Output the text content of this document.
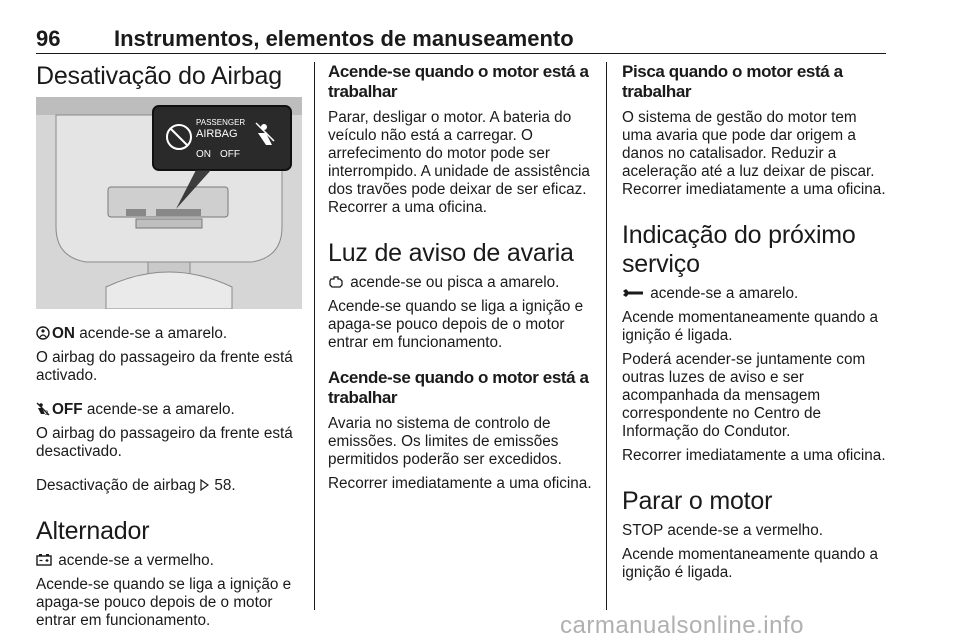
96 Instrumentos, elementos de manuseamento
Desativação do Airbag
PASSENGER
AIRBAG
ON OFF

ON acende-se a amarelo.

O airbag do passageiro da frente está activado.

2 OFF acende-se a amarelo.

O airbag do passageiro da frente está desactivado.

Desactivação de airbag  58.

Alternador

acende-se a vermelho.

Acende-se quando se liga a ignição e apaga-se pouco depois de o motor entrar em funcionamento.

Acende-se quando o motor está a trabalhar

Parar, desligar o motor. A bateria do veículo não está a carregar. O arrefecimento do motor pode ser interrompido. A unidade de assistência dos travões pode deixar de ser eficaz. Recorrer a uma oficina.

Luz de aviso de avaria

acende-se ou pisca a amarelo.

Acende-se quando se liga a ignição e apaga-se pouco depois de o motor entrar em funcionamento.

Acende-se quando o motor está a trabalhar

Avaria no sistema de controlo de emissões. Os limites de emissões permitidos poderão ser excedidos.

Recorrer imediatamente a uma oficina.

Pisca quando o motor está a trabalhar

O sistema de gestão do motor tem uma avaria que pode dar origem a danos no catalisador. Reduzir a aceleração até a luz deixar de piscar. Recorrer imediatamente a uma oficina.

Indicação do próximo serviço

acende-se a amarelo.

Acende momentaneamente quando a ignição é ligada.

Poderá acender-se juntamente com outras luzes de aviso e ser acompanhada da mensagem correspondente no Centro de Informação do Condutor.

Recorrer imediatamente a uma oficina.

Parar o motor

STOP acende-se a vermelho.

Acende momentaneamente quando a ignição é ligada.

carmanualsonline.info
